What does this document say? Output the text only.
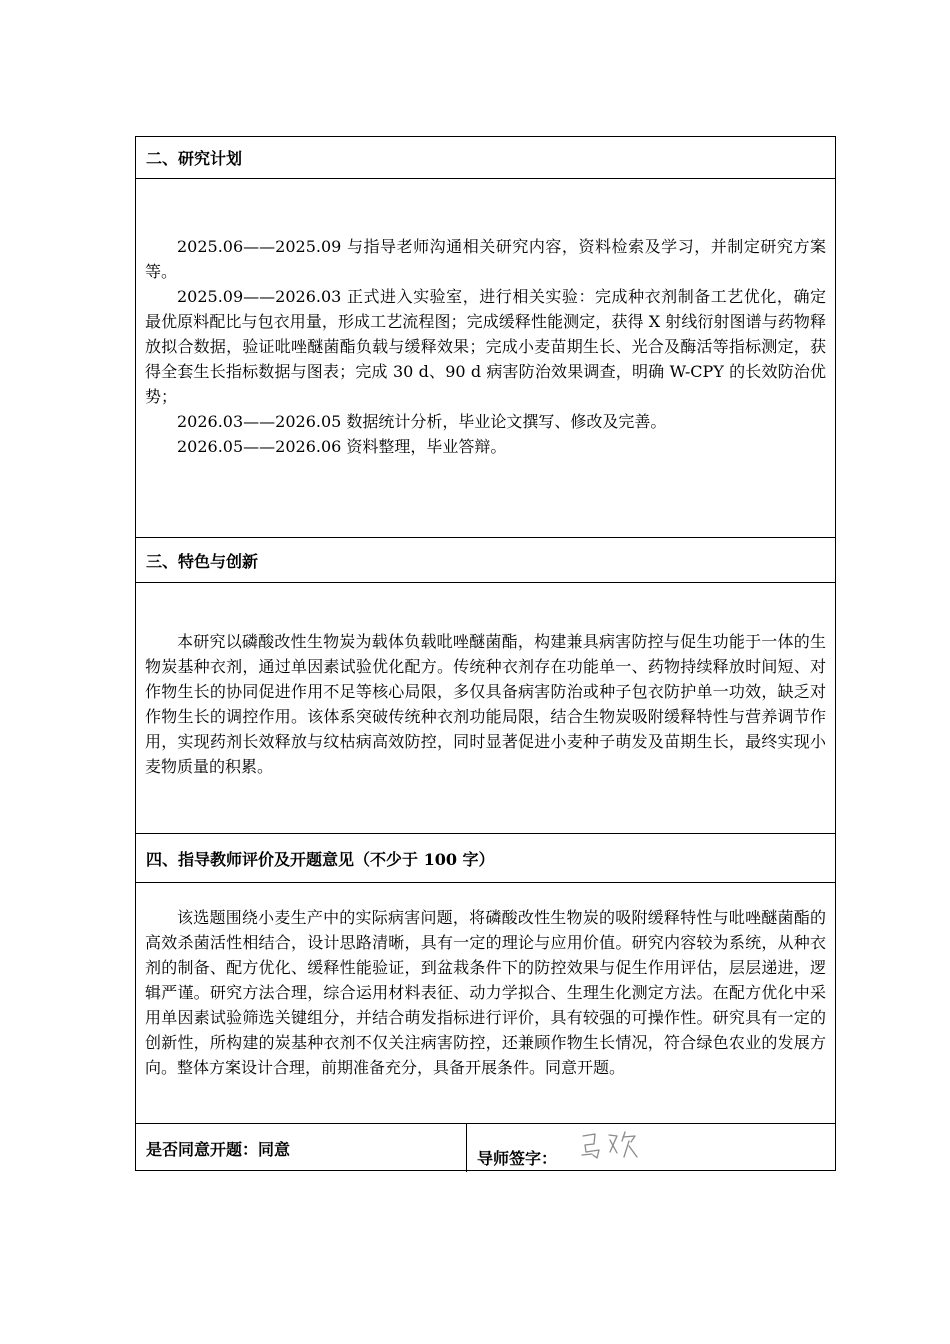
二、研究计划

2025.06——2025.09 与指导老师沟通相关研究内容，资料检索及学习，并制定研究方案等。

2025.09——2026.03 正式进入实验室，进行相关实验：完成种衣剂制备工艺优化，确定最优原料配比与包衣用量，形成工艺流程图；完成缓释性能测定，获得 X 射线衍射图谱与药物释放拟合数据，验证吡唑醚菌酯负载与缓释效果；完成小麦苗期生长、光合及酶活等指标测定，获得全套生长指标数据与图表；完成 30 d、90 d 病害防治效果调查，明确 W-CPY 的长效防治优势；

2026.03——2026.05 数据统计分析，毕业论文撰写、修改及完善。

2026.05——2026.06 资料整理，毕业答辩。

三、特色与创新

本研究以磷酸改性生物炭为载体负载吡唑醚菌酯，构建兼具病害防控与促生功能于一体的生物炭基种衣剂，通过单因素试验优化配方。传统种衣剂存在功能单一、药物持续释放时间短、对作物生长的协同促进作用不足等核心局限，多仅具备病害防治或种子包衣防护单一功效，缺乏对作物生长的调控作用。该体系突破传统种衣剂功能局限，结合生物炭吸附缓释特性与营养调节作用，实现药剂长效释放与纹枯病高效防控，同时显著促进小麦种子萌发及苗期生长，最终实现小麦物质量的积累。

四、指导教师评价及开题意见（不少于 100 字）

该选题围绕小麦生产中的实际病害问题，将磷酸改性生物炭的吸附缓释特性与吡唑醚菌酯的高效杀菌活性相结合，设计思路清晰，具有一定的理论与应用价值。研究内容较为系统，从种衣剂的制备、配方优化、缓释性能验证，到盆栽条件下的防控效果与促生作用评估，层层递进，逻辑严谨。研究方法合理，综合运用材料表征、动力学拟合、生理生化测定方法。在配方优化中采用单因素试验筛选关键组分，并结合萌发指标进行评价，具有较强的可操作性。研究具有一定的创新性，所构建的炭基种衣剂不仅关注病害防控，还兼顾作物生长情况，符合绿色农业的发展方向。整体方案设计合理，前期准备充分，具备开展条件。同意开题。

是否同意开题：同意	导师签字：
